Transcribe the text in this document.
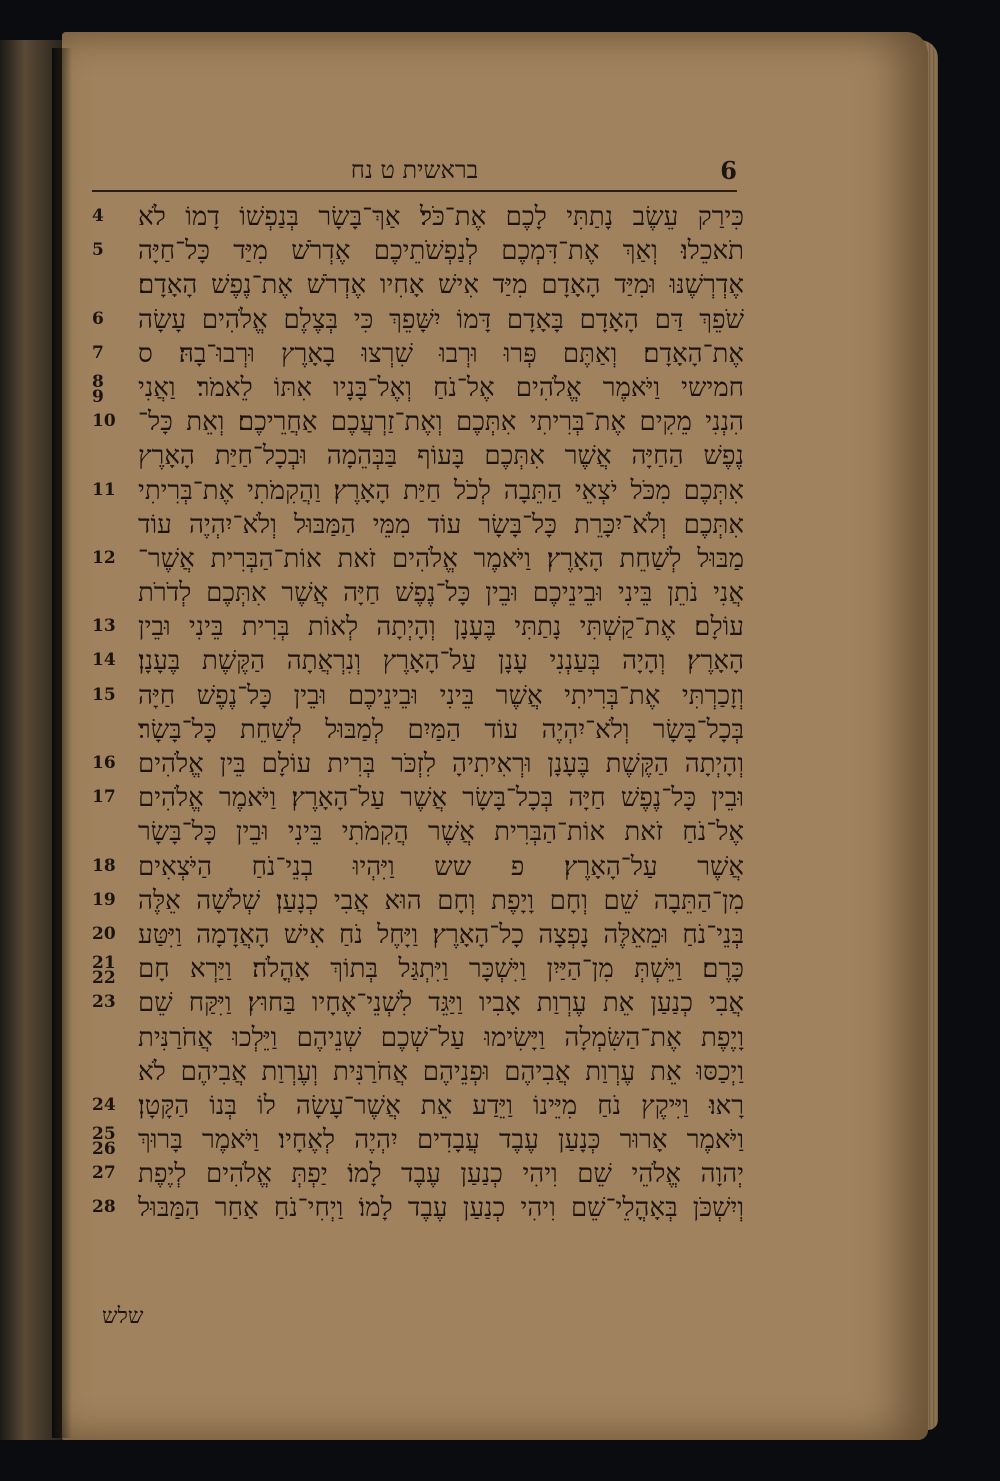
בראשית ט נח	6
4	כִּירַק עֵשֶׂב נָתַתִּי לָכֶם אֶת־כֹּל׃ אַךְ־בָּשָׂר בְּנַפְשׁוֹ דָמוֹ לֹא
5	תֹאכֵלוּ׃ וְאַךְ אֶת־דִּמְכֶם לְנַפְשֹׁתֵיכֶם אֶדְרֹשׁ מִיַּד כָּל־חַיָּה
אֶדְרְשֶׁנּוּ וּמִיַּד הָאָדָם מִיַּד אִישׁ אָחִיו אֶדְרֹשׁ אֶת־נֶפֶשׁ הָאָדָם׃
6	שֹׁפֵךְ דַּם הָאָדָם בָּאָדָם דָּמוֹ יִשָּׁפֵךְ כִּי בְּצֶלֶם אֱלֹהִים עָשָׂה
7	אֶת־הָאָדָם׃ וְאַתֶּם פְּרוּ וּרְבוּ שִׁרְצוּ בָאָרֶץ וּרְבוּ־בָהּ׃ ס
8
9	חמישי וַיֹּאמֶר אֱלֹהִים אֶל־נֹחַ וְאֶל־בָּנָיו אִתּוֹ לֵאמֹר׃ וַאֲנִי
10 הִנְנִי מֵקִים אֶת־בְּרִיתִי אִתְּכֶם וְאֶת־זַרְעֲכֶם אַחֲרֵיכֶם׃ וְאֵת כָּל־
נֶפֶשׁ הַחַיָּה אֲשֶׁר אִתְּכֶם בָּעוֹף בַּבְּהֵמָה וּבְכָל־חַיַּת הָאָרֶץ
11 אִתְּכֶם מִכֹּל יֹצְאֵי הַתֵּבָה לְכֹל חַיַּת הָאָרֶץ׃ וַהֲקִמֹתִי אֶת־בְּרִיתִי
אִתְּכֶם וְלֹא־יִכָּרֵת כָּל־בָּשָׂר עוֹד מִמֵּי הַמַּבּוּל וְלֹא־יִהְיֶה עוֹד
12 מַבּוּל לְשַׁחֵת הָאָרֶץ׃ וַיֹּאמֶר אֱלֹהִים זֹאת אוֹת־הַבְּרִית אֲשֶׁר־
אֲנִי נֹתֵן בֵּינִי וּבֵינֵיכֶם וּבֵין כָּל־נֶפֶשׁ חַיָּה אֲשֶׁר אִתְּכֶם לְדֹרֹת
13 עוֹלָם׃ אֶת־קַשְׁתִּי נָתַתִּי בֶּעָנָן וְהָיְתָה לְאוֹת בְּרִית בֵּינִי וּבֵין
14 הָאָרֶץ׃ וְהָיָה בְּעַנְנִי עָנָן עַל־הָאָרֶץ וְנִרְאֲתָה הַקֶּשֶׁת בֶּעָנָן׃
15 וְזָכַרְתִּי אֶת־בְּרִיתִי אֲשֶׁר בֵּינִי וּבֵינֵיכֶם וּבֵין כָּל־נֶפֶשׁ חַיָּה
בְּכָל־בָּשָׂר וְלֹא־יִהְיֶה עוֹד הַמַּיִם לְמַבּוּל לְשַׁחֵת כָּל־בָּשָׂר׃
16 וְהָיְתָה הַקֶּשֶׁת בֶּעָנָן וּרְאִיתִיהָ לִזְכֹּר בְּרִית עוֹלָם בֵּין אֱלֹהִים
17 וּבֵין כָּל־נֶפֶשׁ חַיָּה בְּכָל־בָּשָׂר אֲשֶׁר עַל־הָאָרֶץ׃ וַיֹּאמֶר אֱלֹהִים
אֶל־נֹחַ זֹאת אוֹת־הַבְּרִית אֲשֶׁר הֲקִמֹתִי בֵּינִי וּבֵין כָּל־בָּשָׂר
18 אֲשֶׁר עַל־הָאָרֶץ׃ פ שש וַיִּהְיוּ בְנֵי־נֹחַ הַיֹּצְאִים
19 מִן־הַתֵּבָה שֵׁם וְחָם וָיָפֶת וְחָם הוּא אֲבִי כְנָעַן׃ שְׁלֹשָׁה אֵלֶּה
20 בְּנֵי־נֹחַ וּמֵאֵלֶּה נָפְצָה כָל־הָאָרֶץ׃ וַיָּחֶל נֹחַ אִישׁ הָאֲדָמָה וַיִּטַּע
21
22 כָּרֶם׃ וַיֵּשְׁתְּ מִן־הַיַּיִן וַיִּשְׁכָּר וַיִּתְגַּל בְּתוֹךְ אָהֳלֹה׃ וַיַּרְא חָם
23 אֲבִי כְנַעַן אֵת עֶרְוַת אָבִיו וַיַּגֵּד לִשְׁנֵי־אֶחָיו בַּחוּץ׃ וַיִּקַּח שֵׁם
וָיֶפֶת אֶת־הַשִּׂמְלָה וַיָּשִׂימוּ עַל־שְׁכֶם שְׁנֵיהֶם וַיֵּלְכוּ אֲחֹרַנִּית
וַיְכַסּוּ אֵת עֶרְוַת אֲבִיהֶם וּפְנֵיהֶם אֲחֹרַנִּית וְעֶרְוַת אֲבִיהֶם לֹא
24 רָאוּ׃ וַיִּיקֶץ נֹחַ מִיֵּינוֹ וַיֵּדַע אֵת אֲשֶׁר־עָשָׂה לוֹ בְּנוֹ הַקָּטָן׃
25
26 וַיֹּאמֶר אָרוּר כְּנָעַן עֶבֶד עֲבָדִים יִהְיֶה לְאֶחָיו׃ וַיֹּאמֶר בָּרוּךְ
27 יְהוָה אֱלֹהֵי שֵׁם וִיהִי כְנַעַן עֶבֶד לָמוֹ׃ יַפְתְּ אֱלֹהִים לְיֶפֶת
28 וְיִשְׁכֹּן בְּאָהֳלֵי־שֵׁם וִיהִי כְנַעַן עֶבֶד לָמוֹ׃ וַיְחִי־נֹחַ אַחַר הַמַּבּוּל
שלש
